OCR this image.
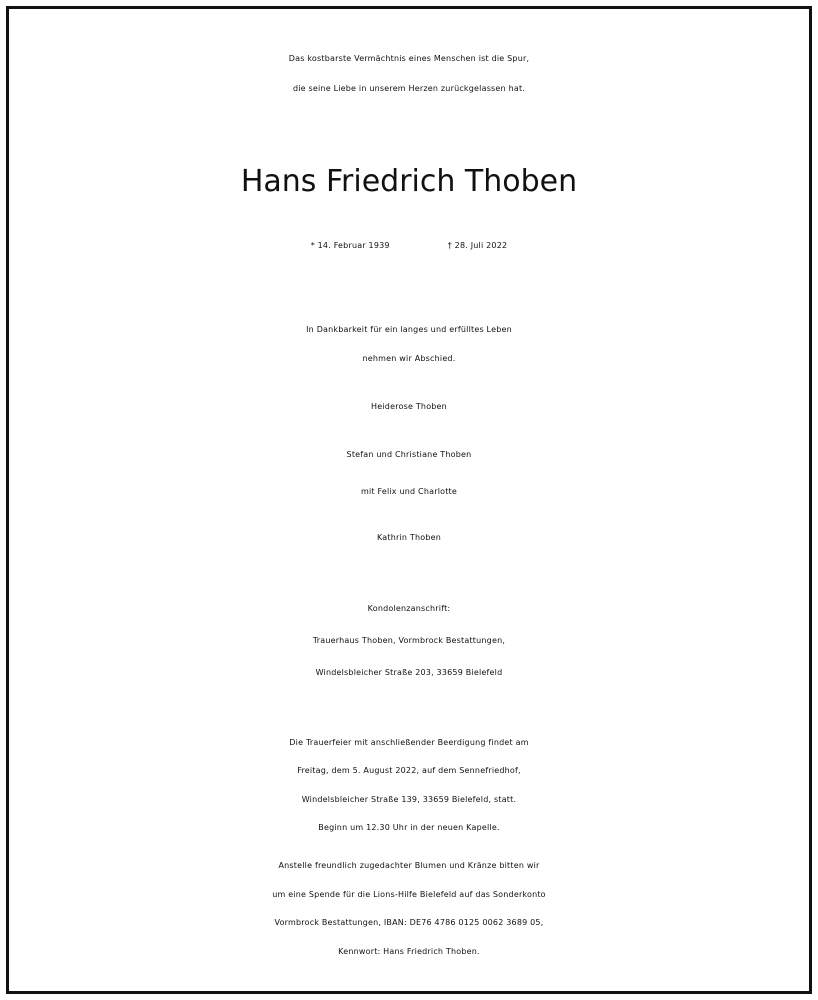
Das kostbarste Vermächtnis eines Menschen ist die Spur,
die seine Liebe in unserem Herzen zurückgelassen hat.
Hans Friedrich Thoben
* 14. Februar 1939	† 28. Juli 2022
In Dankbarkeit für ein langes und erfülltes Leben
nehmen wir Abschied.
Heiderose Thoben
Stefan und Christiane Thoben
mit Felix und Charlotte
Kathrin Thoben
Kondolenzanschrift:
Trauerhaus Thoben, Vormbrock Bestattungen,
Windelsbleicher Straße 203, 33659 Bielefeld
Die Trauerfeier mit anschließender Beerdigung findet am
Freitag, dem 5. August 2022, auf dem Sennefriedhof,
Windelsbleicher Straße 139, 33659 Bielefeld, statt.
Beginn um 12.30 Uhr in der neuen Kapelle.
Anstelle freundlich zugedachter Blumen und Kränze bitten wir
um eine Spende für die Lions-Hilfe Bielefeld auf das Sonderkonto
Vormbrock Bestattungen, IBAN: DE76 4786 0125 0062 3689 05,
Kennwort: Hans Friedrich Thoben.
